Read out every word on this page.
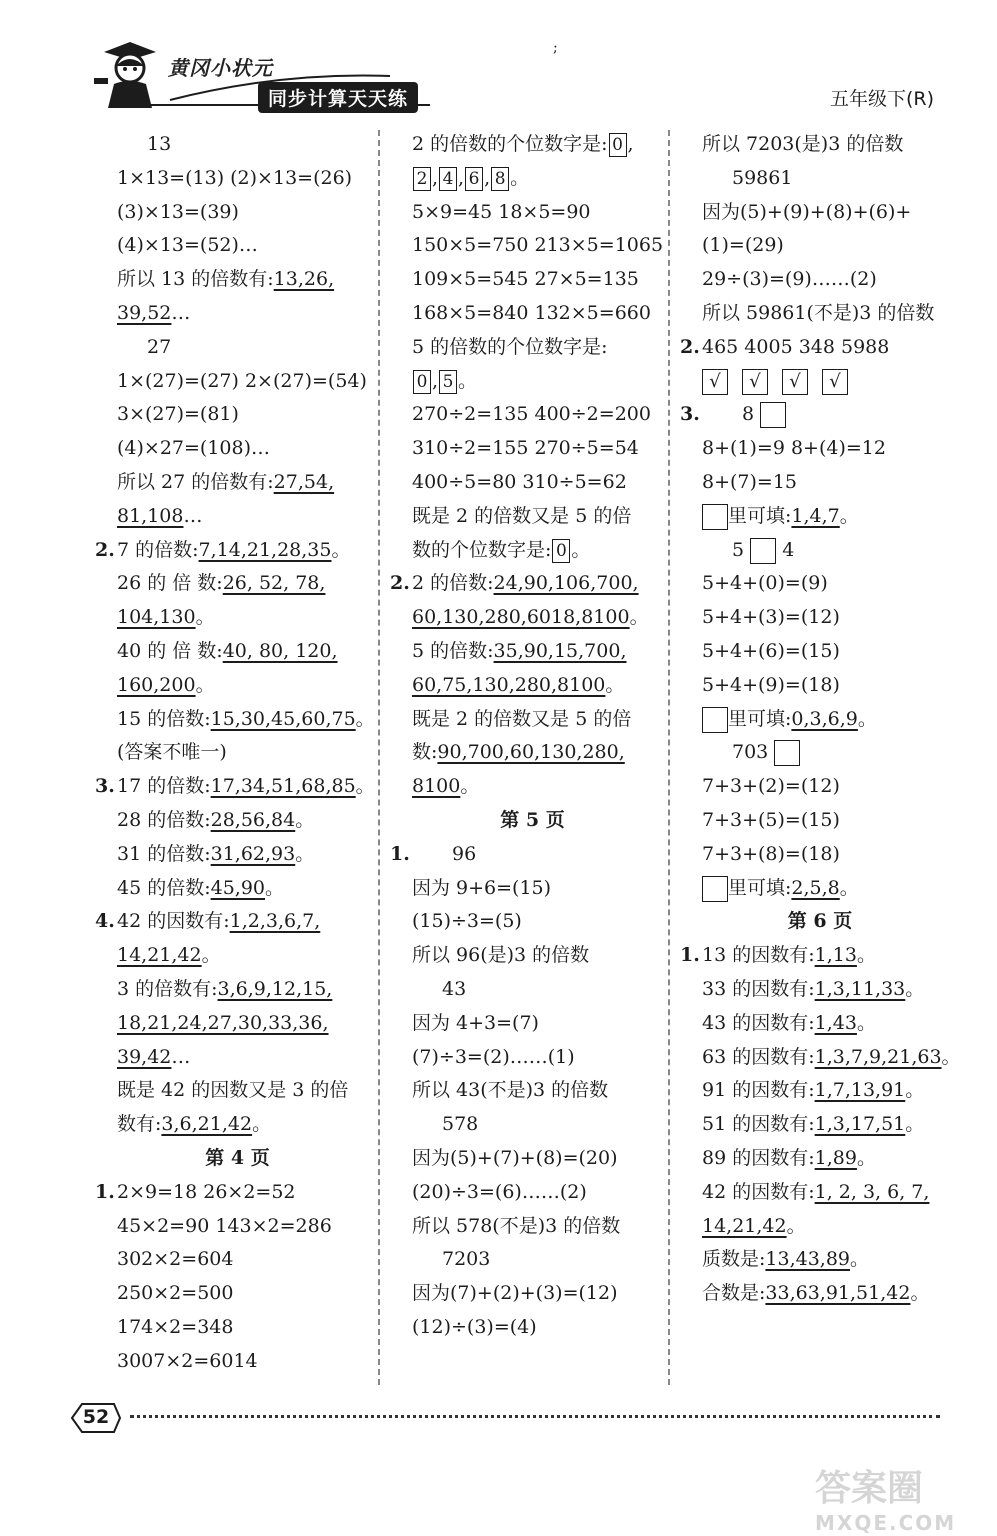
黄冈小状元
同步计算天天练	五年级下(R)
;
13
1×13=(13) (2)×13=(26)
(3)×13=(39)
(4)×13=(52)…
所以 13 的倍数有:13,26,
39,52…
27
1×(27)=(27) 2×(27)=(54)
3×(27)=(81)
(4)×27=(108)…
所以 27 的倍数有:27,54,
81,108…
2. 7 的倍数:7,14,21,28,35。
26 的 倍 数:26, 52, 78,
104,130。
40 的 倍 数:40, 80, 120,
160,200。
15 的倍数:15,30,45,60,75。
(答案不唯一)
3. 17 的倍数:17,34,51,68,85。
28 的倍数:28,56,84。
31 的倍数:31,62,93。
45 的倍数:45,90。
4. 42 的因数有:1,2,3,6,7,
14,21,42。
3 的倍数有:3,6,9,12,15,
18,21,24,27,30,33,36,
39,42…
既是 42 的因数又是 3 的倍
数有:3,6,21,42。
第 4 页
1. 2×9=18 26×2=52
45×2=90 143×2=286
302×2=604
250×2=500
174×2=348
3007×2=6014
2 的倍数的个位数字是: 0 ,
2 , 4 , 6 , 8 。
5×9=45 18×5=90
150×5=750 213×5=1065
109×5=545 27×5=135
168×5=840 132×5=660
5 的倍数的个位数字是:
0 , 5 。
270÷2=135 400÷2=200
310÷2=155 270÷5=54
400÷5=80 310÷5=62
既是 2 的倍数又是 5 的倍
数的个位数字是: 0 。
2. 2 的倍数:24,90,106,700,
60,130,280,6018,8100。
5 的倍数:35,90,15,700,
60,75,130,280,8100。
既是 2 的倍数又是 5 的倍
数:90,700,60,130,280,
8100。
第 5 页
1. 96
因为 9+6=(15)
(15)÷3=(5)
所以 96(是)3 的倍数
43
因为 4+3=(7)
(7)÷3=(2)……(1)
所以 43(不是)3 的倍数
578
因为(5)+(7)+(8)=(20)
(20)÷3=(6)……(2)
所以 578(不是)3 的倍数
7203
因为(7)+(2)+(3)=(12)
(12)÷(3)=(4)
所以 7203(是)3 的倍数
59861
因为(5)+(9)+(8)+(6)+
(1)=(29)
29÷(3)=(9)……(2)
所以 59861(不是)3 的倍数
2. 465 4005 348 5988
√ √ √ √
3. 8
8+(1)=9 8+(4)=12
8+(7)=15
里可填:1,4,7。
5 4
5+4+(0)=(9)
5+4+(3)=(12)
5+4+(6)=(15)
5+4+(9)=(18)
里可填:0,3,6,9。
703
7+3+(2)=(12)
7+3+(5)=(15)
7+3+(8)=(18)
里可填:2,5,8。
第 6 页
1. 13 的因数有:1,13。
33 的因数有:1,3,11,33。
43 的因数有:1,43。
63 的因数有:1,3,7,9,21,63。
91 的因数有:1,7,13,91。
51 的因数有:1,3,17,51。
89 的因数有:1,89。
42 的因数有:1, 2, 3, 6, 7,
14,21,42。
质数是:13,43,89。
合数是:33,63,91,51,42。
52
答案圈
MXQE.COM
